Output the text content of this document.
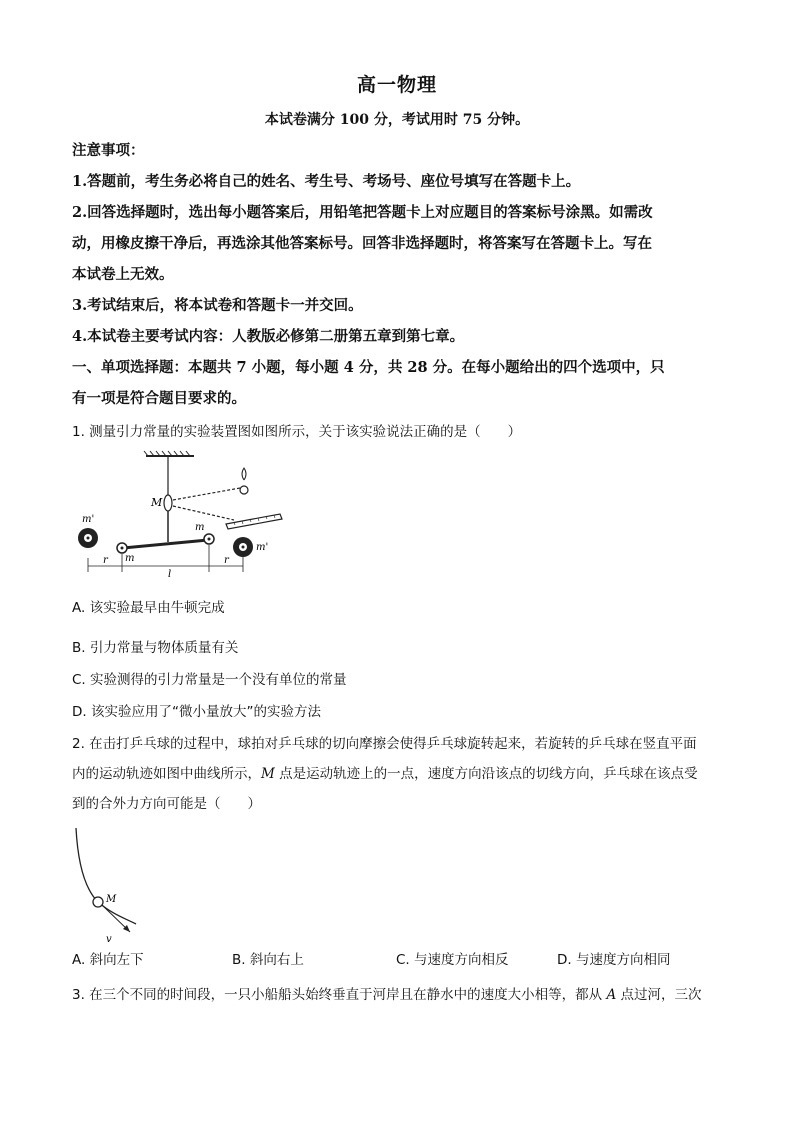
高一物理
本试卷满分 100 分，考试用时 75 分钟。
注意事项：
1.答题前，考生务必将自己的姓名、考生号、考场号、座位号填写在答题卡上。
2.回答选择题时，选出每小题答案后，用铅笔把答题卡上对应题目的答案标号涂黑。如需改
动，用橡皮擦干净后，再选涂其他答案标号。回答非选择题时，将答案写在答题卡上。写在
本试卷上无效。
3.考试结束后，将本试卷和答题卡一并交回。
4.本试卷主要考试内容：人教版必修第二册第五章到第七章。
一、单项选择题：本题共 7 小题，每小题 4 分，共 28 分。在每小题给出的四个选项中，只
有一项是符合题目要求的。
1. 测量引力常量的实验装置图如图所示，关于该实验说法正确的是（　　）
M
m
m
m'
m'
r
l
r
A. 该实验最早由牛顿完成
B. 引力常量与物体质量有关
C. 实验测得的引力常量是一个没有单位的常量
D. 该实验应用了“微小量放大”的实验方法
2. 在击打乒乓球的过程中，球拍对乒乓球的切向摩擦会使得乒乓球旋转起来，若旋转的乒乓球在竖直平面
内的运动轨迹如图中曲线所示，M 点是运动轨迹上的一点，速度方向沿该点的切线方向，乒乓球在该点受
到的合外力方向可能是（　　）
M
v
A. 斜向左下	B. 斜向右上	C. 与速度方向相反	D. 与速度方向相同
3. 在三个不同的时间段，一只小船船头始终垂直于河岸且在静水中的速度大小相等，都从 A 点过河，三次
